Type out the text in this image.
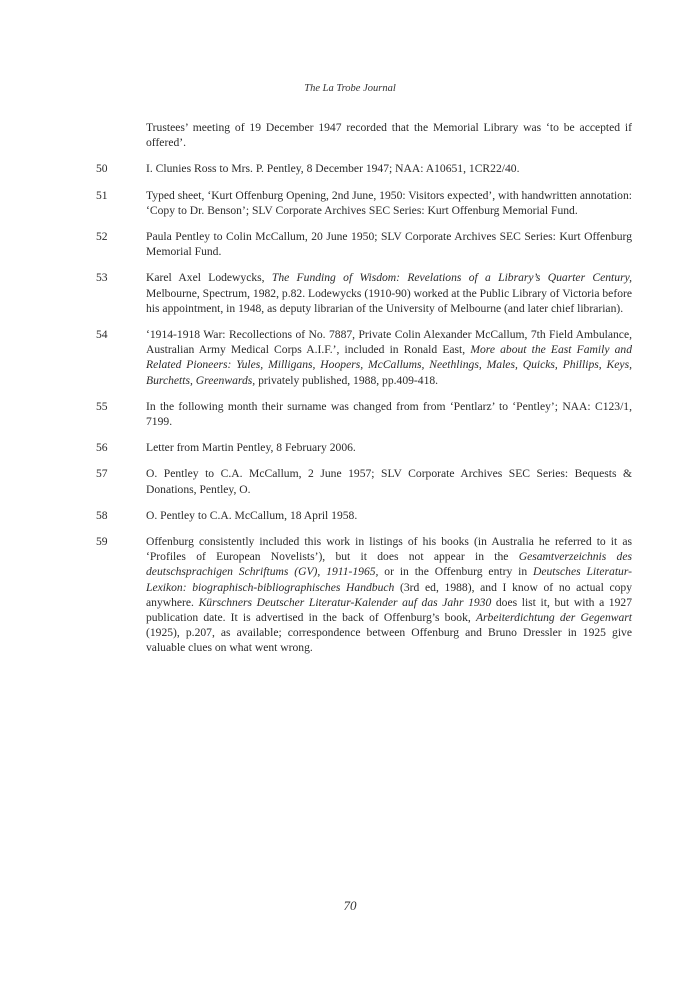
The La Trobe Journal
Trustees’ meeting of 19 December 1947 recorded that the Memorial Library was ‘to be accepted if offered’.
50	I. Clunies Ross to Mrs. P. Pentley, 8 December 1947; NAA: A10651, 1CR22/40.
51	Typed sheet, ‘Kurt Offenburg Opening, 2nd June, 1950: Visitors expected’, with handwritten annotation: ‘Copy to Dr. Benson’; SLV Corporate Archives SEC Series: Kurt Offenburg Memorial Fund.
52	Paula Pentley to Colin McCallum, 20 June 1950; SLV Corporate Archives SEC Series: Kurt Offenburg Memorial Fund.
53	Karel Axel Lodewycks, The Funding of Wisdom: Revelations of a Library’s Quarter Century, Melbourne, Spectrum, 1982, p.82. Lodewycks (1910-90) worked at the Public Library of Victoria before his appointment, in 1948, as deputy librarian of the University of Melbourne (and later chief librarian).
54	‘1914-1918 War: Recollections of No. 7887, Private Colin Alexander McCallum, 7th Field Ambulance, Australian Army Medical Corps A.I.F.’, included in Ronald East, More about the East Family and Related Pioneers: Yules, Milligans, Hoopers, McCallums, Neethlings, Males, Quicks, Phillips, Keys, Burchetts, Greenwards, privately published, 1988, pp.409-418.
55	In the following month their surname was changed from from ‘Pentlarz’ to ‘Pentley’; NAA: C123/1, 7199.
56	Letter from Martin Pentley, 8 February 2006.
57	O. Pentley to C.A. McCallum, 2 June 1957; SLV Corporate Archives SEC Series: Bequests & Donations, Pentley, O.
58	O. Pentley to C.A. McCallum, 18 April 1958.
59	Offenburg consistently included this work in listings of his books (in Australia he referred to it as ‘Profiles of European Novelists’), but it does not appear in the Gesamtverzeichnis des deutschsprachigen Schriftums (GV), 1911-1965, or in the Offenburg entry in Deutsches Literatur-Lexikon: biographisch-bibliographisches Handbuch (3rd ed, 1988), and I know of no actual copy anywhere. Kürschners Deutscher Literatur-Kalender auf das Jahr 1930 does list it, but with a 1927 publication date. It is advertised in the back of Offenburg’s book, Arbeiterdichtung der Gegenwart (1925), p.207, as available; correspondence between Offenburg and Bruno Dressler in 1925 give valuable clues on what went wrong.
70
